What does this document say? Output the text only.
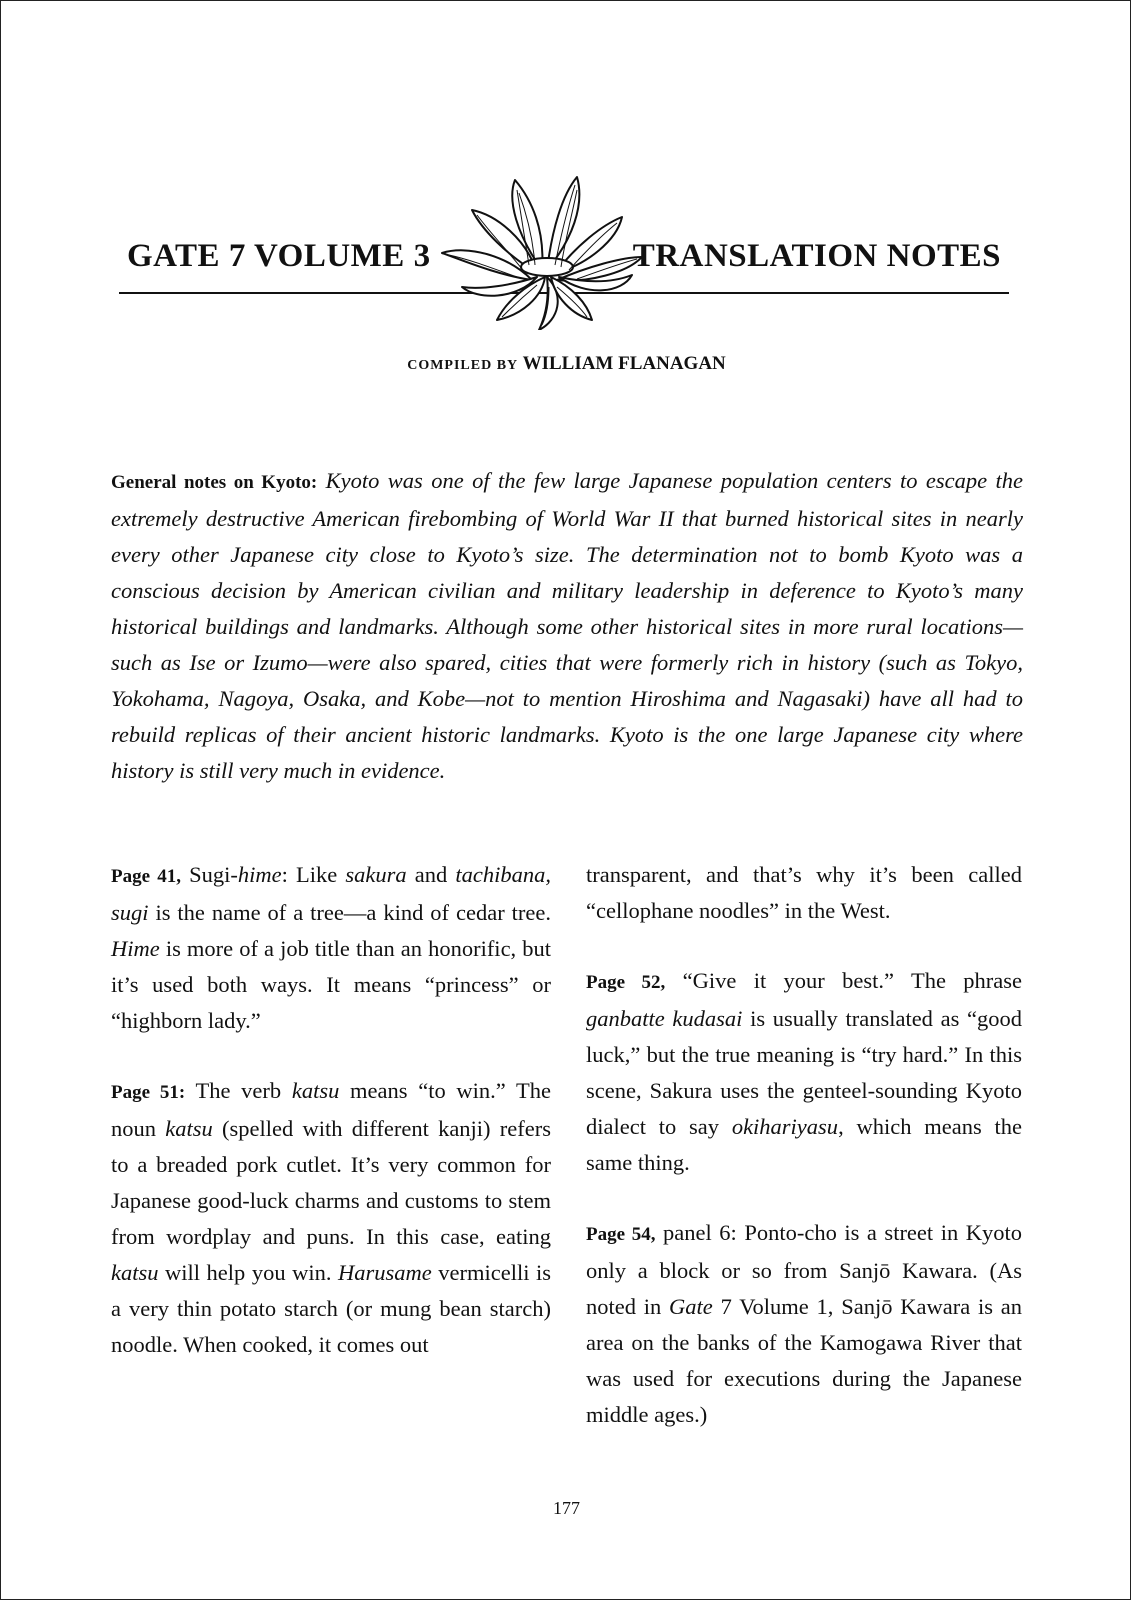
GATE 7 VOLUME 3	TRANSLATION NOTES
COMPILED BY WILLIAM FLANAGAN
General notes on Kyoto: Kyoto was one of the few large Japanese population centers to escape the extremely destructive American firebombing of World War II that burned historical sites in nearly every other Japanese city close to Kyoto’s size. The determination not to bomb Kyoto was a conscious decision by American civilian and military leadership in deference to Kyoto’s many historical buildings and landmarks. Although some other historical sites in more rural locations—such as Ise or Izumo—were also spared, cities that were formerly rich in history (such as Tokyo, Yokohama, Nagoya, Osaka, and Kobe—not to mention Hiroshima and Nagasaki) have all had to rebuild replicas of their ancient historic landmarks. Kyoto is the one large Japanese city where history is still very much in evidence.

Page 41, Sugi-hime: Like sakura and tachibana, sugi is the name of a tree—a kind of cedar tree. Hime is more of a job title than an honorific, but it’s used both ways. It means “princess” or “highborn lady.”

Page 51: The verb katsu means “to win.” The noun katsu (spelled with different kanji) refers to a breaded pork cutlet. It’s very common for Japanese good-luck charms and customs to stem from wordplay and puns. In this case, eating katsu will help you win. Harusame vermicelli is a very thin potato starch (or mung bean starch) noodle. When cooked, it comes out

transparent, and that’s why it’s been called “cellophane noodles” in the West.

Page 52, “Give it your best.” The phrase ganbatte kudasai is usually translated as “good luck,” but the true meaning is “try hard.” In this scene, Sakura uses the genteel-sounding Kyoto dialect to say okihariyasu, which means the same thing.

Page 54, panel 6: Ponto-cho is a street in Kyoto only a block or so from Sanjō Kawara. (As noted in Gate 7 Volume 1, Sanjō Kawara is an area on the banks of the Kamogawa River that was used for executions during the Japanese middle ages.)

177
